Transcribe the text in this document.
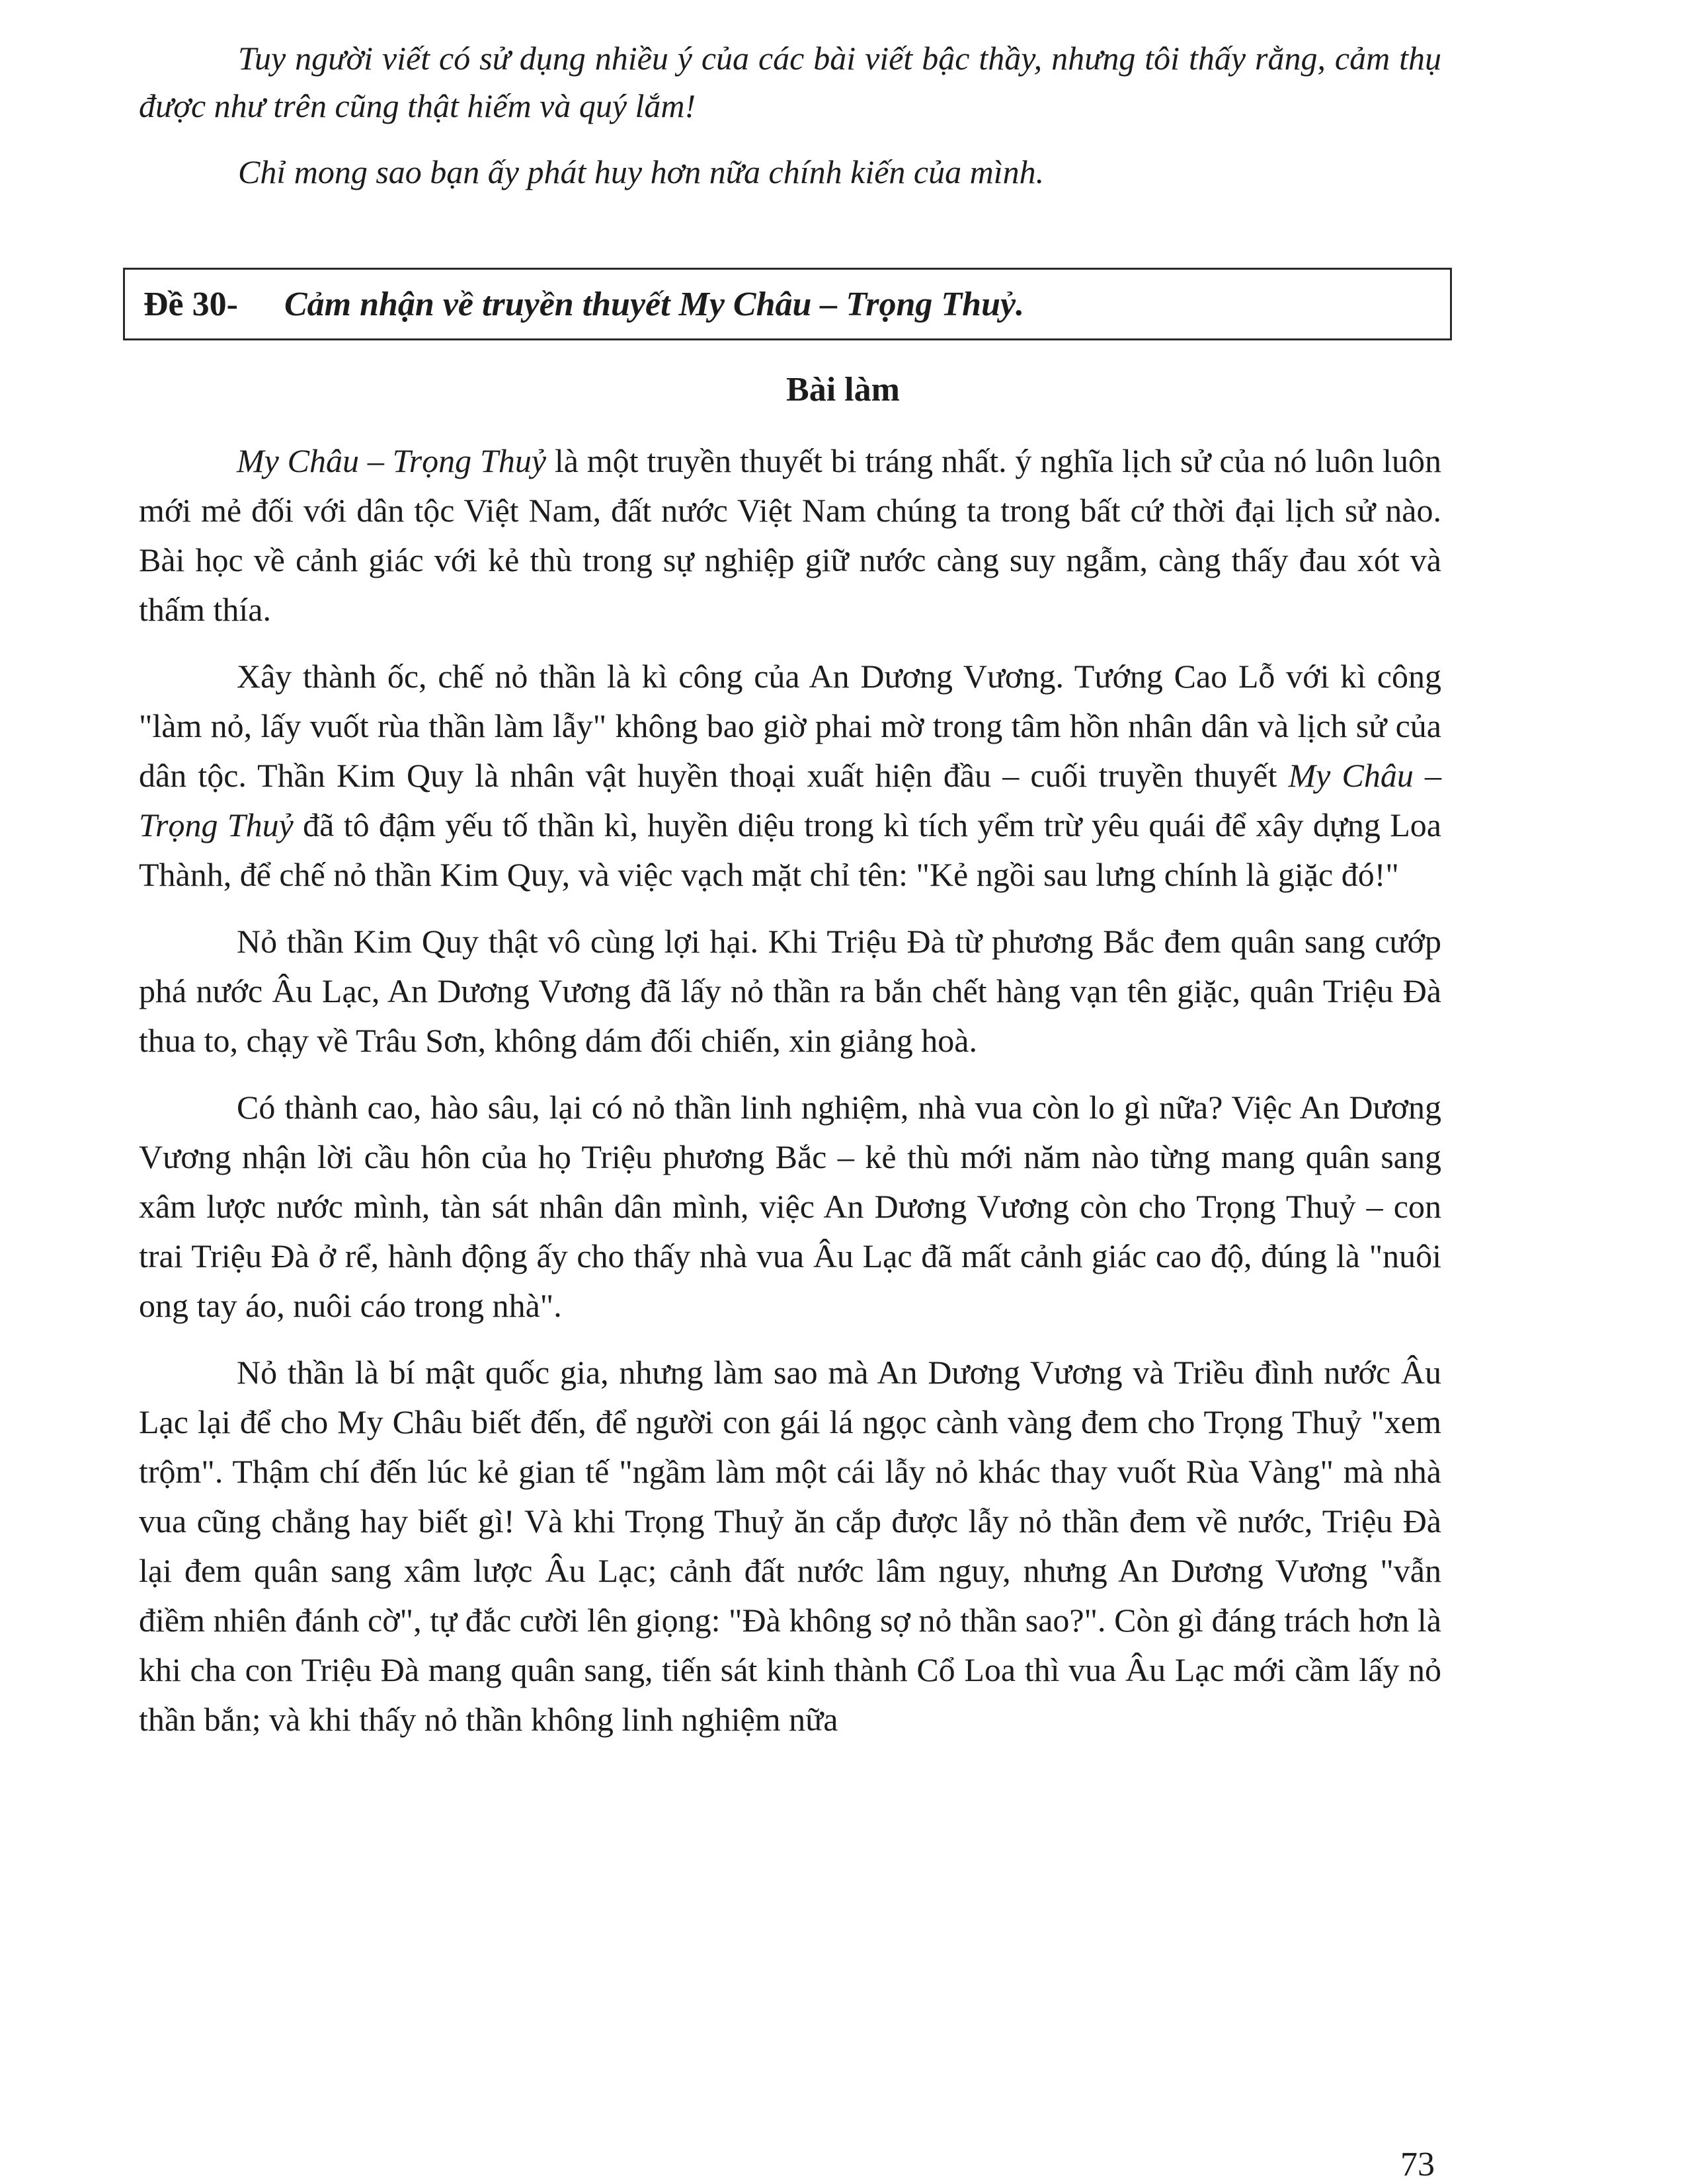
Tuy người viết có sử dụng nhiều ý của các bài viết bậc thầy, nhưng tôi thấy rằng, cảm thụ được như trên cũng thật hiếm và quý lắm!

Chỉ mong sao bạn ấy phát huy hơn nữa chính kiến của mình.

Đề 30- Cảm nhận về truyền thuyết My Châu – Trọng Thuỷ.
Bài làm

My Châu – Trọng Thuỷ là một truyền thuyết bi tráng nhất. ý nghĩa lịch sử của nó luôn luôn mới mẻ đối với dân tộc Việt Nam, đất nước Việt Nam chúng ta trong bất cứ thời đại lịch sử nào. Bài học về cảnh giác với kẻ thù trong sự nghiệp giữ nước càng suy ngẫm, càng thấy đau xót và thấm thía.

Xây thành ốc, chế nỏ thần là kì công của An Dương Vương. Tướng Cao Lỗ với kì công "làm nỏ, lấy vuốt rùa thần làm lẫy" không bao giờ phai mờ trong tâm hồn nhân dân và lịch sử của dân tộc. Thần Kim Quy là nhân vật huyền thoại xuất hiện đầu – cuối truyền thuyết My Châu – Trọng Thuỷ đã tô đậm yếu tố thần kì, huyền diệu trong kì tích yểm trừ yêu quái để xây dựng Loa Thành, để chế nỏ thần Kim Quy, và việc vạch mặt chỉ tên: "Kẻ ngồi sau lưng chính là giặc đó!"

Nỏ thần Kim Quy thật vô cùng lợi hại. Khi Triệu Đà từ phương Bắc đem quân sang cướp phá nước Âu Lạc, An Dương Vương đã lấy nỏ thần ra bắn chết hàng vạn tên giặc, quân Triệu Đà thua to, chạy về Trâu Sơn, không dám đối chiến, xin giảng hoà.

Có thành cao, hào sâu, lại có nỏ thần linh nghiệm, nhà vua còn lo gì nữa? Việc An Dương Vương nhận lời cầu hôn của họ Triệu phương Bắc – kẻ thù mới năm nào từng mang quân sang xâm lược nước mình, tàn sát nhân dân mình, việc An Dương Vương còn cho Trọng Thuỷ – con trai Triệu Đà ở rể, hành động ấy cho thấy nhà vua Âu Lạc đã mất cảnh giác cao độ, đúng là "nuôi ong tay áo, nuôi cáo trong nhà".

Nỏ thần là bí mật quốc gia, nhưng làm sao mà An Dương Vương và Triều đình nước Âu Lạc lại để cho My Châu biết đến, để người con gái lá ngọc cành vàng đem cho Trọng Thuỷ "xem trộm". Thậm chí đến lúc kẻ gian tế "ngầm làm một cái lẫy nỏ khác thay vuốt Rùa Vàng" mà nhà vua cũng chẳng hay biết gì! Và khi Trọng Thuỷ ăn cắp được lẫy nỏ thần đem về nước, Triệu Đà lại đem quân sang xâm lược Âu Lạc; cảnh đất nước lâm nguy, nhưng An Dương Vương "vẫn điềm nhiên đánh cờ", tự đắc cười lên giọng: "Đà không sợ nỏ thần sao?". Còn gì đáng trách hơn là khi cha con Triệu Đà mang quân sang, tiến sát kinh thành Cổ Loa thì vua Âu Lạc mới cầm lấy nỏ thần bắn; và khi thấy nỏ thần không linh nghiệm nữa

73
